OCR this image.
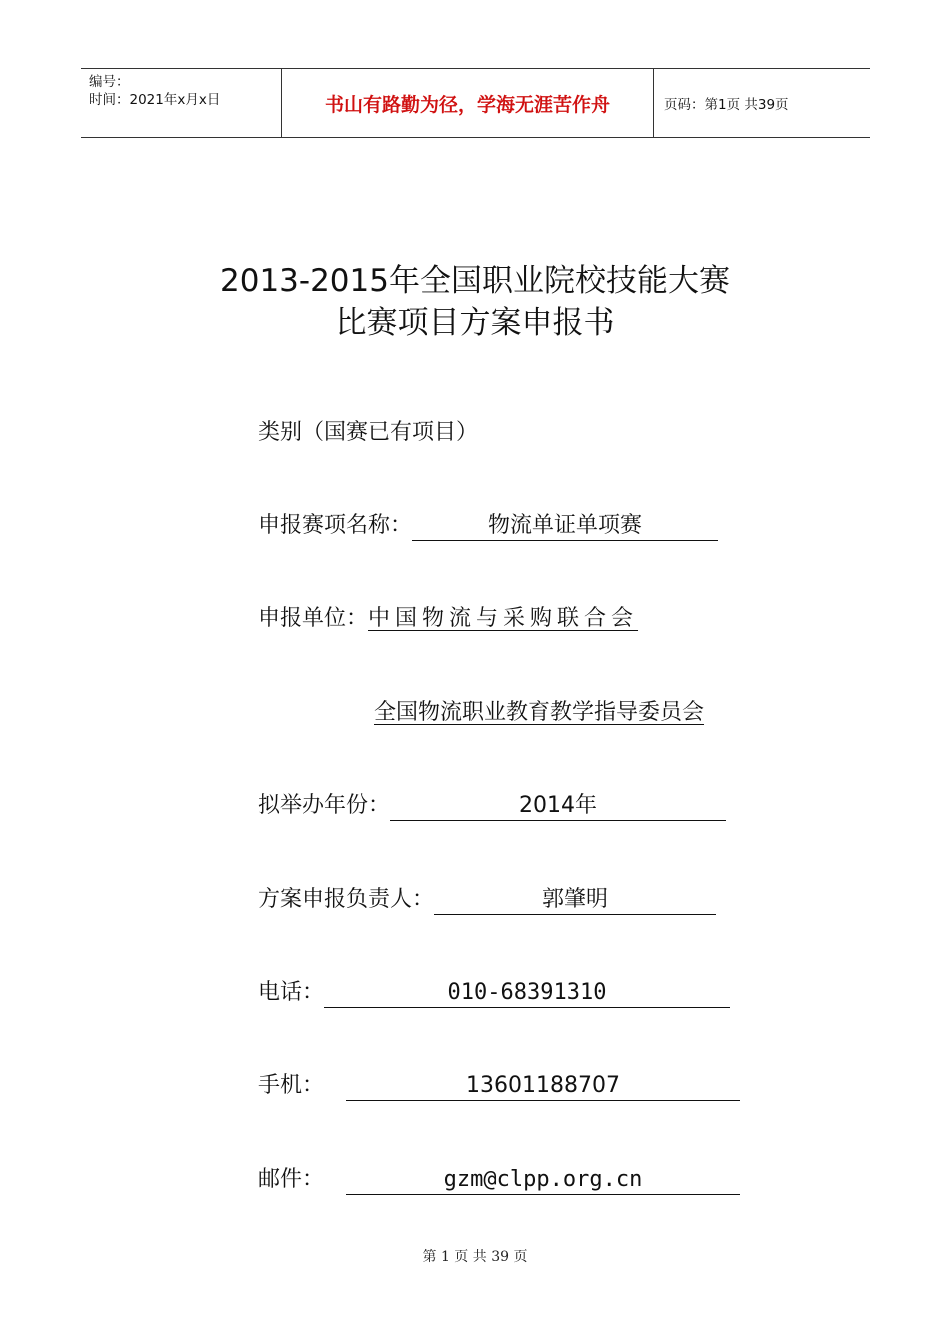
编号：
时间：2021年x月x日	书山有路勤为径，学海无涯苦作舟	页码：第1页 共39页
2013-2015年全国职业院校技能大赛
比赛项目方案申报书
类别（国赛已有项目）
申报赛项名称：	物流单证单项赛
申报单位：中国物流与采购联合会
全国物流职业教育教学指导委员会
拟举办年份：	2014年
方案申报负责人：	郭肇明
电话：	010-68391310
手机：	13601188707
邮件：	gzm@clpp.org.cn
第 1 页 共 39 页
